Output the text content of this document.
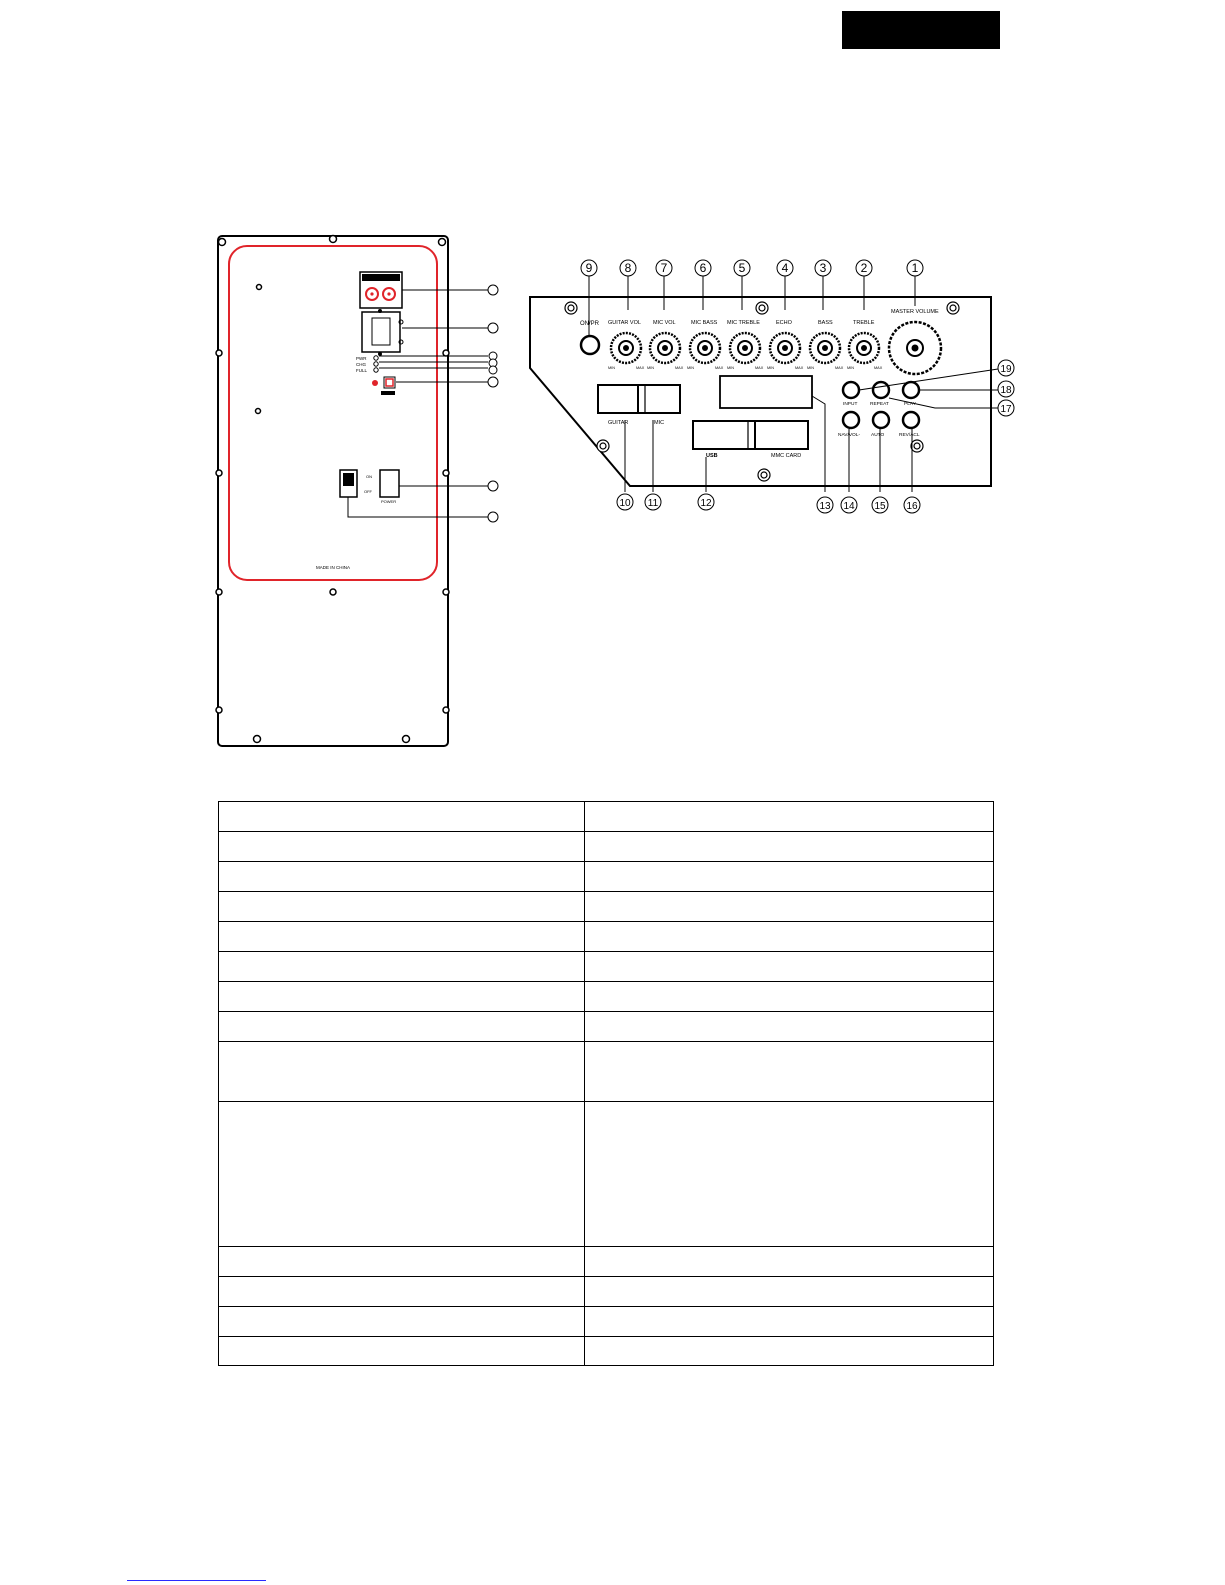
PWR
CHG
FULL
ON
OFF
POWER
MADE IN CHINA
ON/PR GUITAR VOL MIC VOL	MIC BASS MIC TREBLE	ECHO	BASS	TREBLE
MASTER VOLUME
MIN	MAX MIN	MAX MIN	MAX MIN	MAX MIN	MAX MIN	MAX MIN	MAX
GUITAR	MIC
USB	MMC CARD
INPUT	REPEAT	PLAY
NAV/VOL- AUTO	REV/ACL
1
2
3
4
5
6
7
8
9
10 11	12	13 14 15 16
17
18
19
